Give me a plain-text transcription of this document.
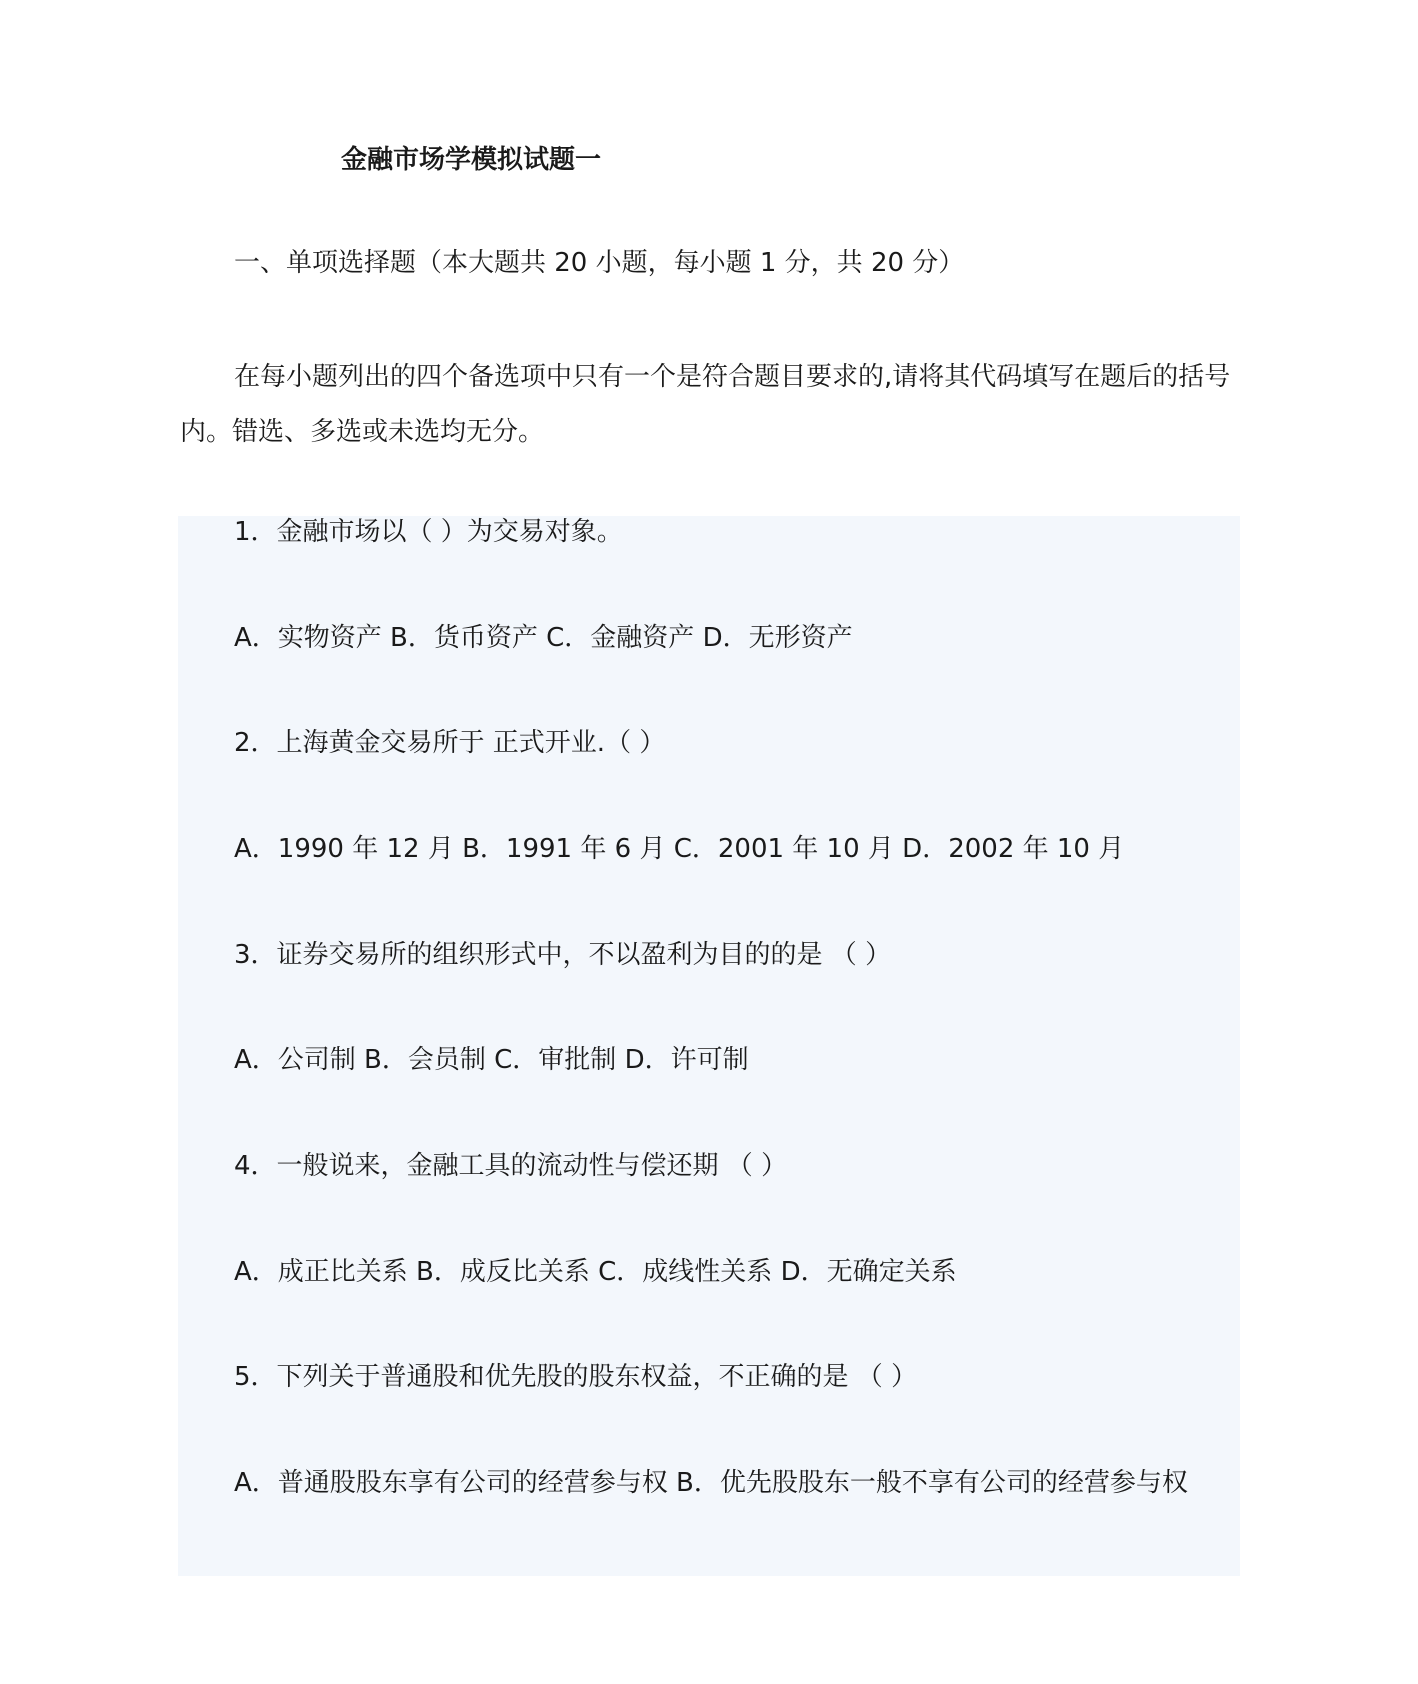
金融市场学模拟试题一
一、单项选择题（本大题共 20 小题，每小题 1 分，共 20 分）
在每小题列出的四个备选项中只有一个是符合题目要求的,请将其代码填写在题后的括号内。错选、多选或未选均无分。
1．金融市场以（ ）为交易对象。
A．实物资产 B．货币资产 C．金融资产 D．无形资产
2．上海黄金交易所于 正式开业.（ ）
A．1990 年 12 月 B．1991 年 6 月 C．2001 年 10 月 D．2002 年 10 月
3．证券交易所的组织形式中，不以盈利为目的的是 （ ）
A．公司制 B．会员制 C．审批制 D．许可制
4．一般说来，金融工具的流动性与偿还期 （ ）
A．成正比关系 B．成反比关系 C．成线性关系 D．无确定关系
5．下列关于普通股和优先股的股东权益，不正确的是 （ ）
A．普通股股东享有公司的经营参与权 B．优先股股东一般不享有公司的经营参与权
